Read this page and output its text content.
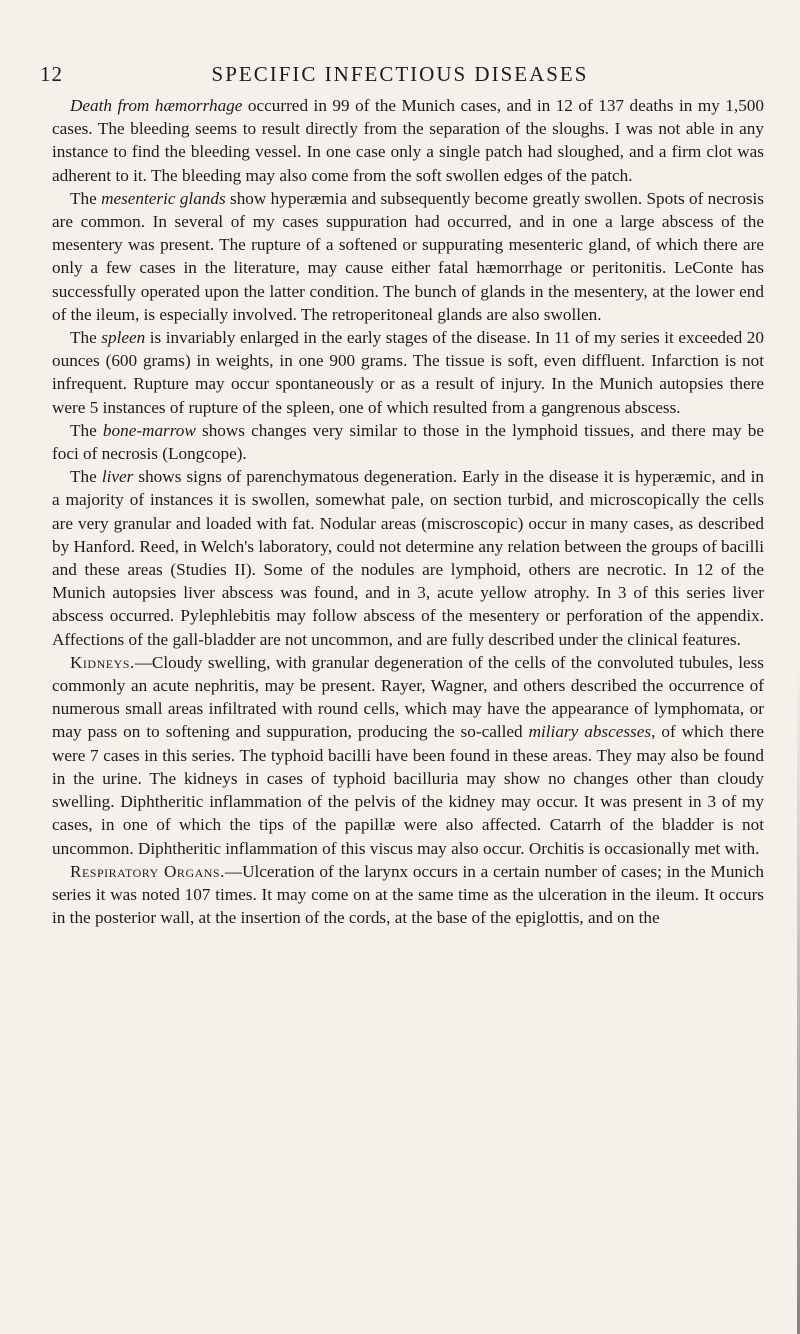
12	SPECIFIC INFECTIOUS DISEASES

Death from hæmorrhage occurred in 99 of the Munich cases, and in 12 of 137 deaths in my 1,500 cases. The bleeding seems to result directly from the separation of the sloughs. I was not able in any instance to find the bleeding vessel. In one case only a single patch had sloughed, and a firm clot was adherent to it. The bleeding may also come from the soft swollen edges of the patch.

The mesenteric glands show hyperæmia and subsequently become greatly swollen. Spots of necrosis are common. In several of my cases suppuration had occurred, and in one a large abscess of the mesentery was present. The rupture of a softened or suppurating mesenteric gland, of which there are only a few cases in the literature, may cause either fatal hæmorrhage or peritonitis. LeConte has successfully operated upon the latter condition. The bunch of glands in the mesentery, at the lower end of the ileum, is especially involved. The retroperitoneal glands are also swollen.

The spleen is invariably enlarged in the early stages of the disease. In 11 of my series it exceeded 20 ounces (600 grams) in weights, in one 900 grams. The tissue is soft, even diffluent. Infarction is not infrequent. Rupture may occur spontaneously or as a result of injury. In the Munich autopsies there were 5 instances of rupture of the spleen, one of which resulted from a gangrenous abscess.

The bone-marrow shows changes very similar to those in the lymphoid tissues, and there may be foci of necrosis (Longcope).

The liver shows signs of parenchymatous degeneration. Early in the disease it is hyperæmic, and in a majority of instances it is swollen, somewhat pale, on section turbid, and microscopically the cells are very granular and loaded with fat. Nodular areas (miscroscopic) occur in many cases, as described by Hanford. Reed, in Welch's laboratory, could not determine any relation between the groups of bacilli and these areas (Studies II). Some of the nodules are lymphoid, others are necrotic. In 12 of the Munich autopsies liver abscess was found, and in 3, acute yellow atrophy. In 3 of this series liver abscess occurred. Pylephlebitis may follow abscess of the mesentery or perforation of the appendix. Affections of the gall-bladder are not uncommon, and are fully described under the clinical features.

Kidneys.—Cloudy swelling, with granular degeneration of the cells of the convoluted tubules, less commonly an acute nephritis, may be present. Rayer, Wagner, and others described the occurrence of numerous small areas infiltrated with round cells, which may have the appearance of lymphomata, or may pass on to softening and suppuration, producing the so-called miliary abscesses, of which there were 7 cases in this series. The typhoid bacilli have been found in these areas. They may also be found in the urine. The kidneys in cases of typhoid bacilluria may show no changes other than cloudy swelling. Diphtheritic inflammation of the pelvis of the kidney may occur. It was present in 3 of my cases, in one of which the tips of the papillæ were also affected. Catarrh of the bladder is not uncommon. Diphtheritic inflammation of this viscus may also occur. Orchitis is occasionally met with.

Respiratory Organs.—Ulceration of the larynx occurs in a certain number of cases; in the Munich series it was noted 107 times. It may come on at the same time as the ulceration in the ileum. It occurs in the posterior wall, at the insertion of the cords, at the base of the epiglottis, and on the
